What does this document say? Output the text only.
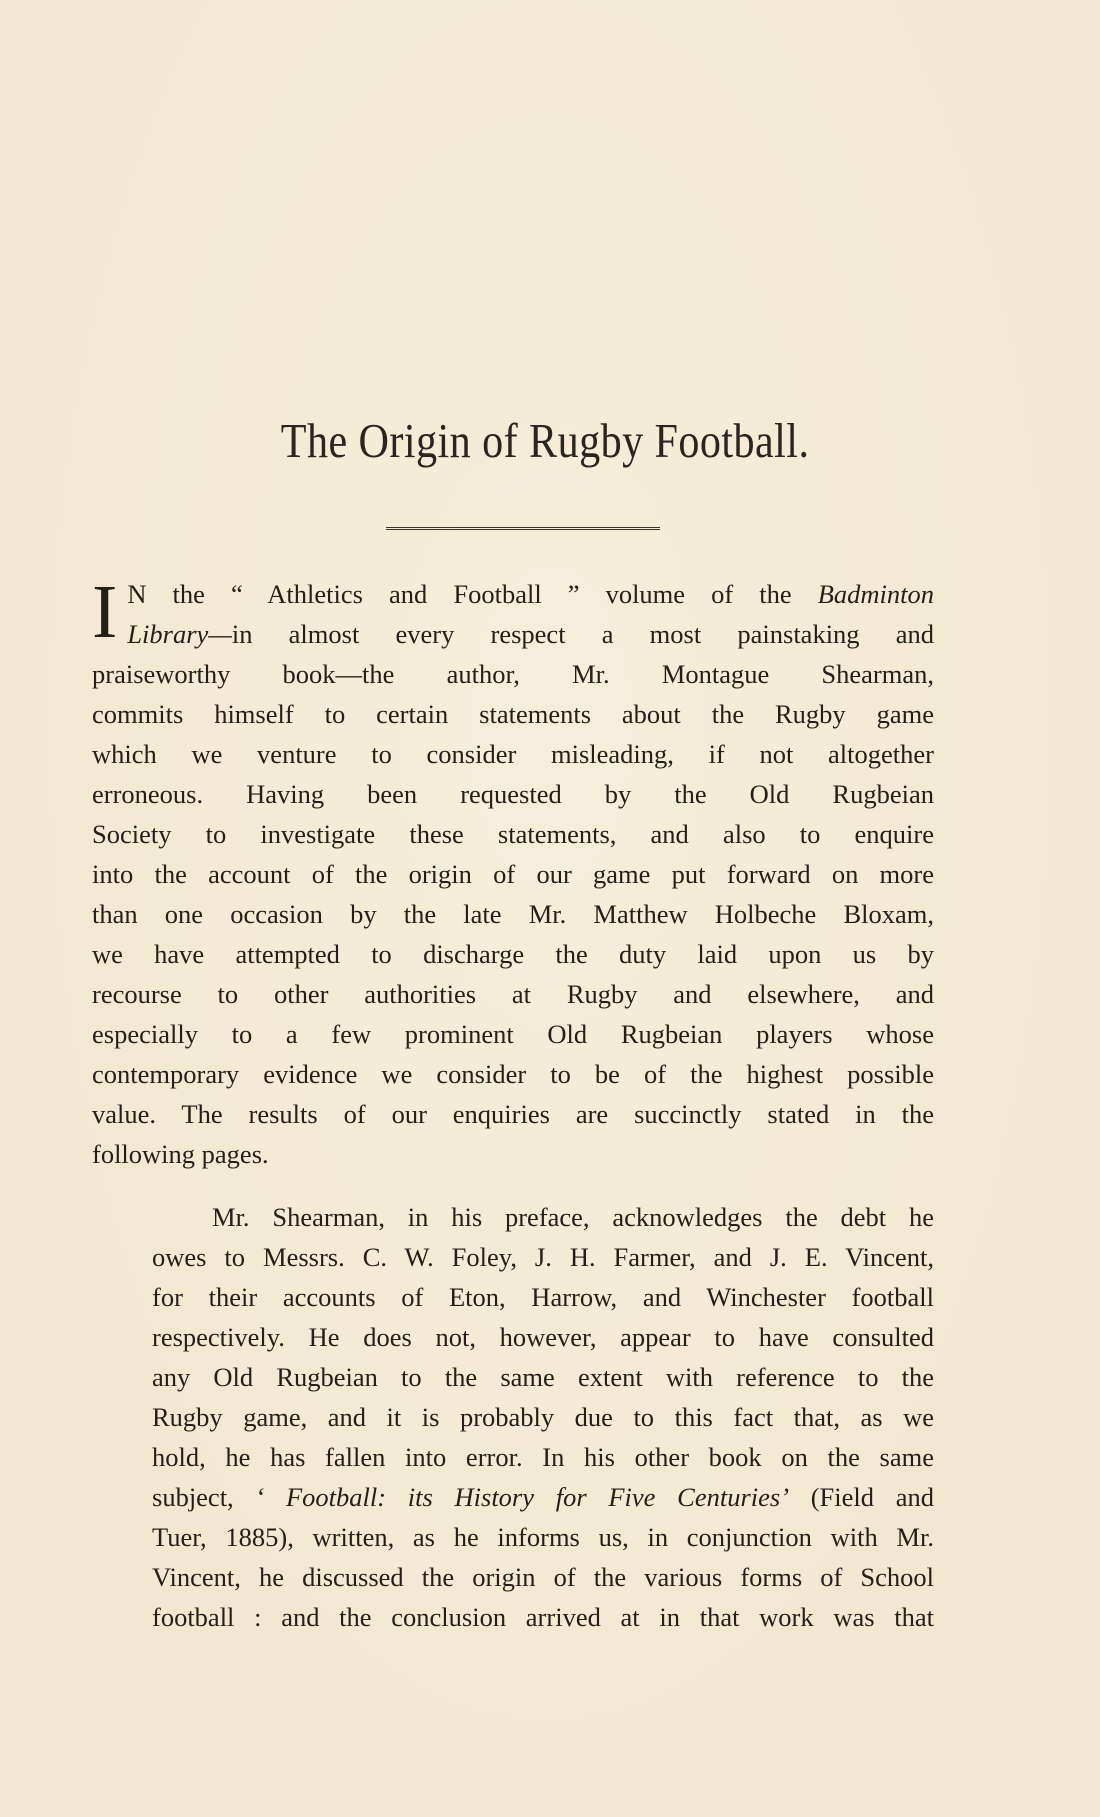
The Origin of Rugby Football.
I N the “ Athletics and Football ” volume of the Badminton
Library—in almost every respect a most painstaking and
praiseworthy book—the author, Mr. Montague Shearman,
commits himself to certain statements about the Rugby game
which we venture to consider misleading, if not altogether
erroneous. Having been requested by the Old Rugbeian
Society to investigate these statements, and also to enquire
into the account of the origin of our game put forward on more
than one occasion by the late Mr. Matthew Holbeche Bloxam,
we have attempted to discharge the duty laid upon us by
recourse to other authorities at Rugby and elsewhere, and
especially to a few prominent Old Rugbeian players whose
contemporary evidence we consider to be of the highest possible
value. The results of our enquiries are succinctly stated in the
following pages.
Mr. Shearman, in his preface, acknowledges the debt he
owes to Messrs. C. W. Foley, J. H. Farmer, and J. E. Vincent,
for their accounts of Eton, Harrow, and Winchester football
respectively. He does not, however, appear to have consulted
any Old Rugbeian to the same extent with reference to the
Rugby game, and it is probably due to this fact that, as we
hold, he has fallen into error. In his other book on the same
subject, ‘ Football: its History for Five Centuries’ (Field and
Tuer, 1885), written, as he informs us, in conjunction with Mr.
Vincent, he discussed the origin of the various forms of School
football : and the conclusion arrived at in that work was that
